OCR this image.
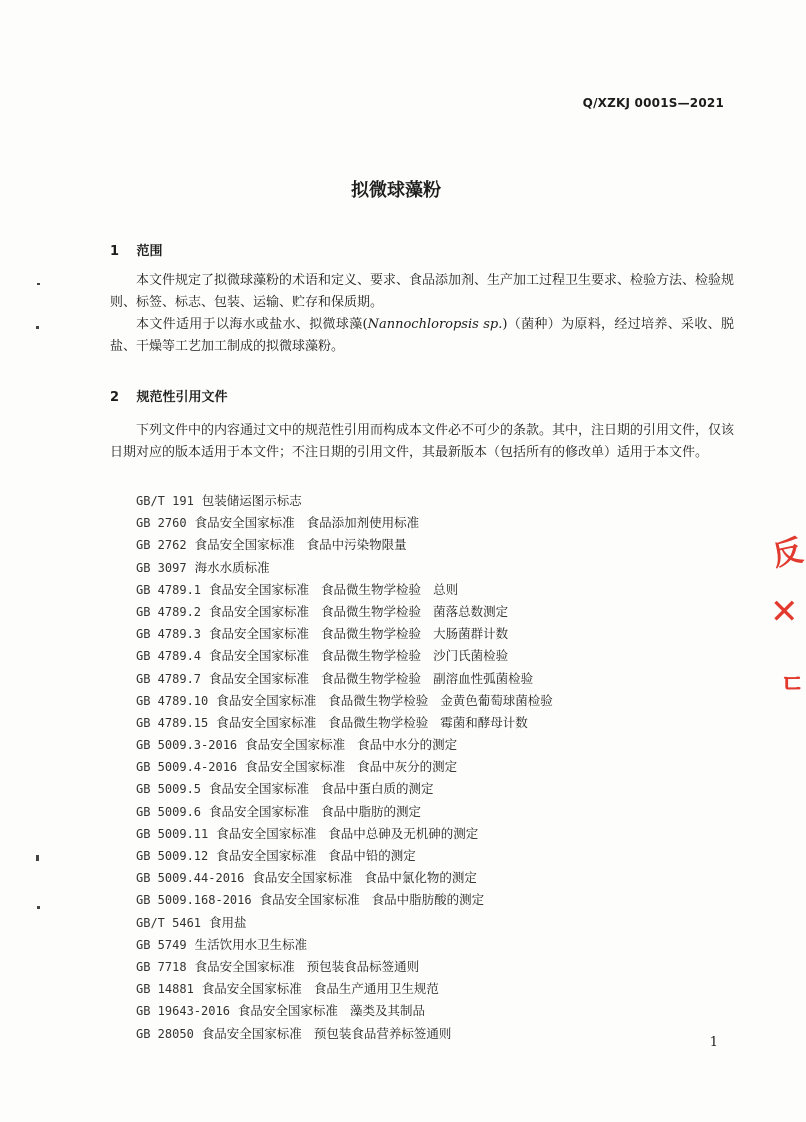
Q/XZKJ 0001S—2021
拟微球藻粉
1 范围

本文件规定了拟微球藻粉的术语和定义、要求、食品添加剂、生产加工过程卫生要求、检验方法、检验规则、标签、标志、包装、运输、贮存和保质期。

本文件适用于以海水或盐水、拟微球藻(Nannochloropsis sp.)（菌种）为原料，经过培养、采收、脱盐、干燥等工艺加工制成的拟微球藻粉。

2 规范性引用文件

下列文件中的内容通过文中的规范性引用而构成本文件必不可少的条款。其中，注日期的引用文件，仅该日期对应的版本适用于本文件；不注日期的引用文件，其最新版本（包括所有的修改单）适用于本文件。

GB/T 191 包装储运图示标志
GB 2760 食品安全国家标准 食品添加剂使用标准
GB 2762 食品安全国家标准 食品中污染物限量
GB 3097 海水水质标准
GB 4789.1 食品安全国家标准 食品微生物学检验 总则
GB 4789.2 食品安全国家标准 食品微生物学检验 菌落总数测定
GB 4789.3 食品安全国家标准 食品微生物学检验 大肠菌群计数
GB 4789.4 食品安全国家标准 食品微生物学检验 沙门氏菌检验
GB 4789.7 食品安全国家标准 食品微生物学检验 副溶血性弧菌检验
GB 4789.10 食品安全国家标准 食品微生物学检验 金黄色葡萄球菌检验
GB 4789.15 食品安全国家标准 食品微生物学检验 霉菌和酵母计数
GB 5009.3-2016 食品安全国家标准 食品中水分的测定
GB 5009.4-2016 食品安全国家标准 食品中灰分的测定
GB 5009.5 食品安全国家标准 食品中蛋白质的测定
GB 5009.6 食品安全国家标准 食品中脂肪的测定
GB 5009.11 食品安全国家标准 食品中总砷及无机砷的测定
GB 5009.12 食品安全国家标准 食品中铅的测定
GB 5009.44-2016 食品安全国家标准 食品中氯化物的测定
GB 5009.168-2016 食品安全国家标准 食品中脂肪酸的测定
GB/T 5461 食用盐
GB 5749 生活饮用水卫生标准
GB 7718 食品安全国家标准 预包装食品标签通则
GB 14881 食品安全国家标准 食品生产通用卫生规范
GB 19643-2016 食品安全国家标准 藻类及其制品
GB 28050 食品安全国家标准 预包装食品营养标签通则
1
反
✕
ㄷ
